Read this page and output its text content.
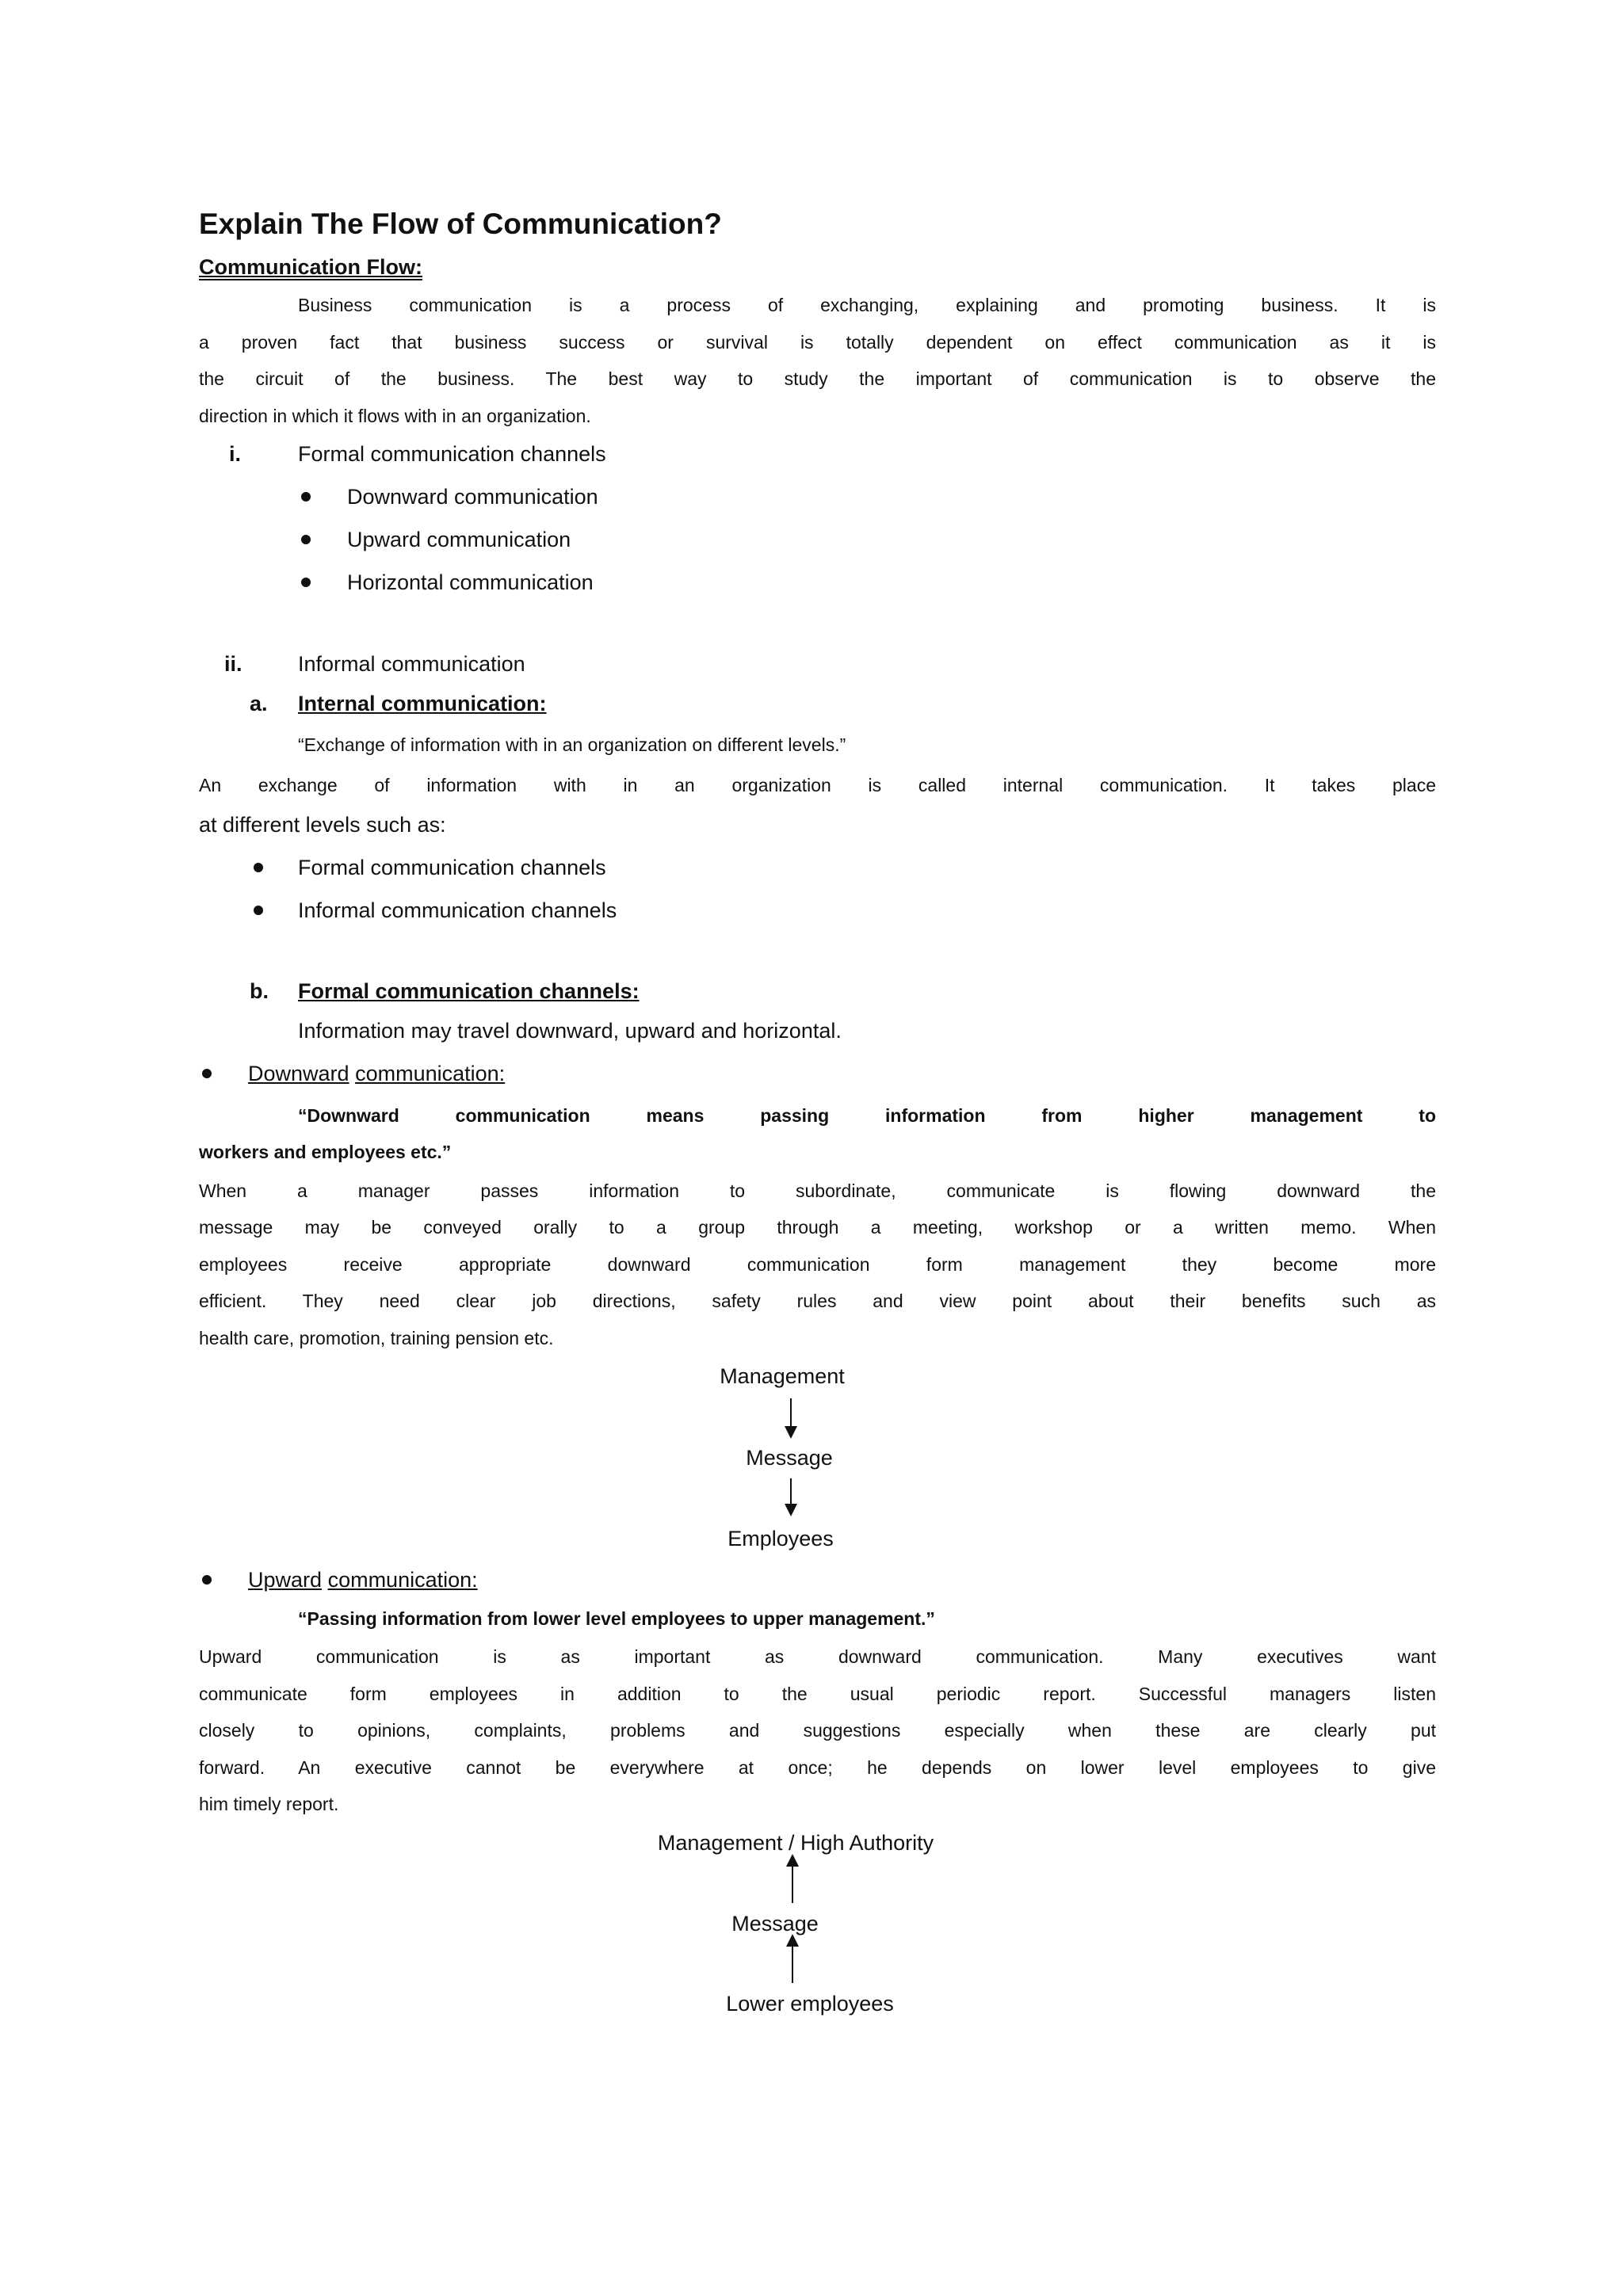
Explain The Flow of Communication?
Communication Flow:
Business communication is a process of exchanging, explaining and promoting business. It is
a proven fact that business success or survival is totally dependent on effect communication as it is
the circuit of the business. The best way to study the important of communication is to observe the
direction in which it flows with in an organization.
i.	Formal communication channels
Downward communication
Upward communication
Horizontal communication
ii.	Informal communication
a. Internal communication:
“Exchange of information with in an organization on different levels.”
An exchange of information with in an organization is called internal communication. It takes place
at different levels such as:
Formal communication channels
Informal communication channels
b. Formal communication channels:
Information may travel downward, upward and horizontal.
Downward communication:
“Downward communication means passing information from higher management to
workers and employees etc.”
When a manager passes information to subordinate, communicate is flowing downward the
message may be conveyed orally to a group through a meeting, workshop or a written memo. When
employees receive appropriate downward communication form management they become more
efficient. They need clear job directions, safety rules and view point about their benefits such as
health care, promotion, training pension etc.
Management
Message
Employees
Upward communication:
“Passing information from lower level employees to upper management.”
Upward communication is as important as downward communication. Many executives want
communicate form employees in addition to the usual periodic report. Successful managers listen
closely to opinions, complaints, problems and suggestions especially when these are clearly put
forward. An executive cannot be everywhere at once; he depends on lower level employees to give
him timely report.
Management / High Authority
Message
Lower employees
